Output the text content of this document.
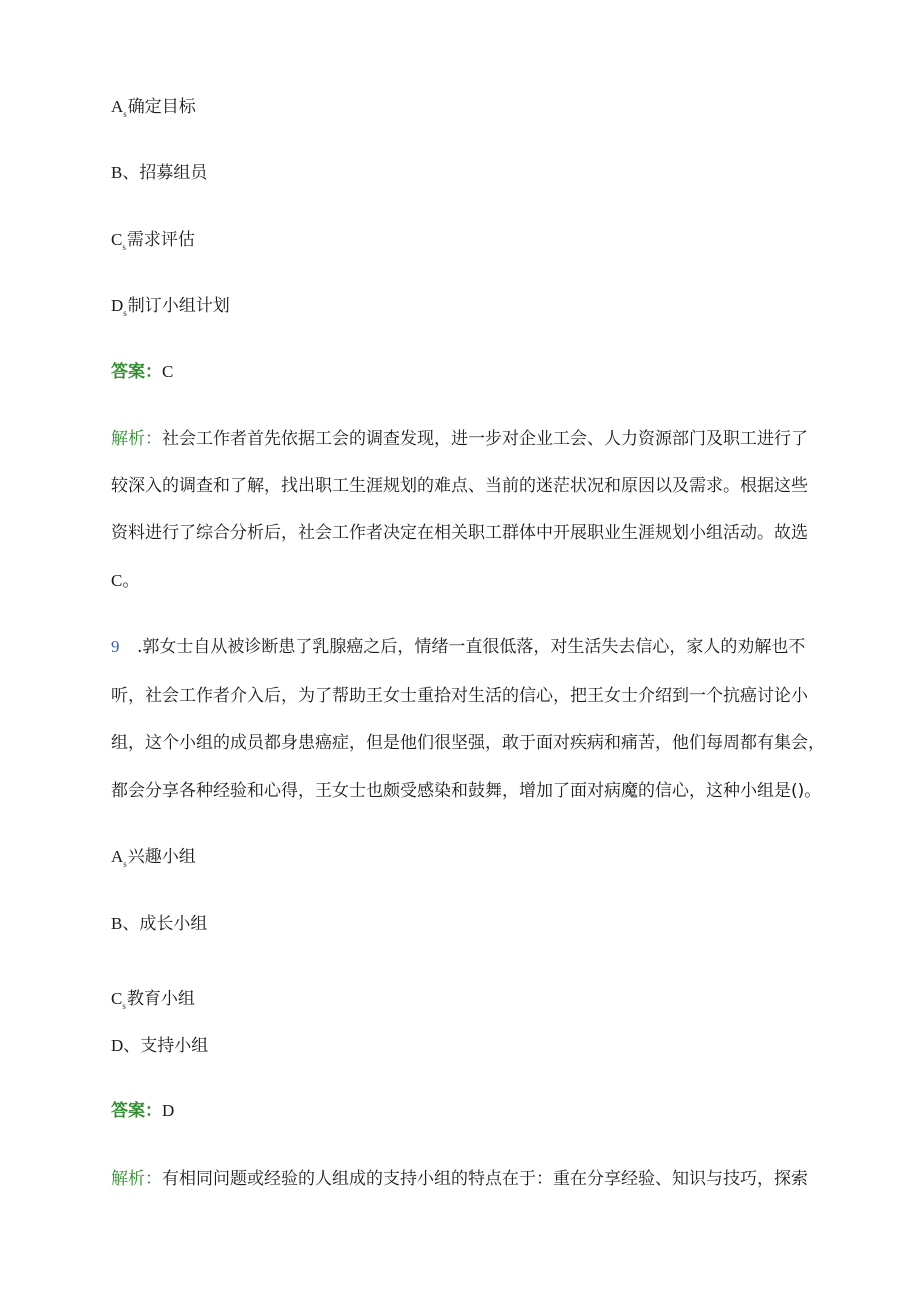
$A_s$确定目标
B、招募组员
$C_s$需求评估
$D_s$制订小组计划
答案：C
解析：社会工作者首先依据工会的调查发现，进一步对企业工会、人力资源部门及职工进行了
较深入的调查和了解，找出职工生涯规划的难点、当前的迷茫状况和原因以及需求。根据这些
资料进行了综合分析后，社会工作者决定在相关职工群体中开展职业生涯规划小组活动。故选
C。
9 .郭女士自从被诊断患了乳腺癌之后，情绪一直很低落，对生活失去信心，家人的劝解也不
听，社会工作者介入后，为了帮助王女士重拾对生活的信心，把王女士介绍到一个抗癌讨论小
组，这个小组的成员都身患癌症，但是他们很坚强，敢于面对疾病和痛苦，他们每周都有集会，
都会分享各种经验和心得，王女士也颇受感染和鼓舞，增加了面对病魔的信心，这种小组是()。
$A_s$兴趣小组
B、成长小组
$C_s$教育小组
D、支持小组
答案：D
解析：有相同问题或经验的人组成的支持小组的特点在于：重在分享经验、知识与技巧，探索
